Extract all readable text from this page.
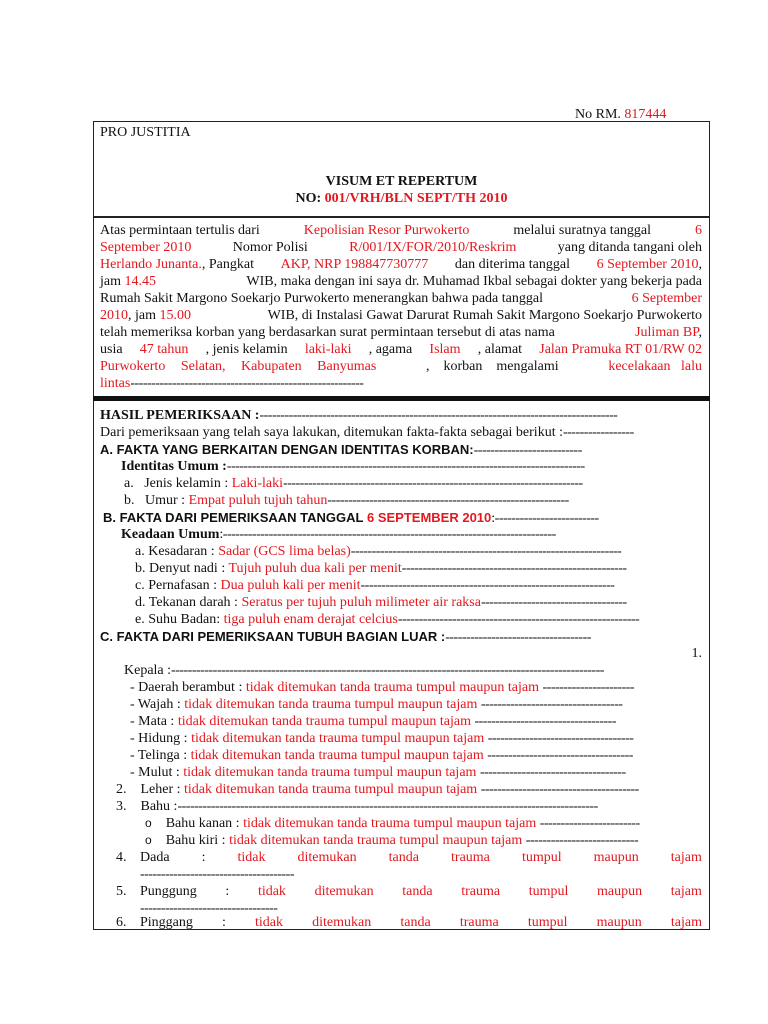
No RM. 817444
PRO JUSTITIA
VISUM ET REPERTUM
NO: 001/VRH/BLN SEPT/TH 2010
Atas permintaan tertulis dari	Kepolisian Resor Purwokerto	melalui suratnya tanggal	6
September 2010	Nomor Polisi	R/001/IX/FOR/2010/Reskrim	yang ditanda tangani oleh
Herlando Junanta., Pangkat AKP, NRP 198847730777 dan diterima tanggal 6 September 2010,
jam 14.45	WIB, maka dengan ini saya dr. Muhamad Ikbal sebagai dokter yang bekerja pada
Rumah Sakit Margono Soekarjo Purwokerto menerangkan bahwa pada tanggal	6 September
2010, jam 15.00	WIB, di Instalasi Gawat Darurat Rumah Sakit Margono Soekarjo Purwokerto
telah memeriksa korban yang berdasarkan surat permintaan tersebut di atas nama	Juliman BP,
usia 47 tahun , jenis kelamin laki-laki , agama Islam , alamat Jalan Pramuka RT 01/RW 02
Purwokerto Selatan, Kabupaten Banyumas	,    korban    mengalami	kecelakaan   lalu
lintas--------------------------------------------------------
HASIL PEMERIKSAAN :--------------------------------------------------------------------------------------
Dari pemeriksaan yang telah saya lakukan, ditemukan fakta-fakta sebagai berikut :-----------------
A. FAKTA YANG BERKAITAN DENGAN IDENTITAS KORBAN:--------------------------
Identitas Umum :--------------------------------------------------------------------------------------
a. Jenis kelamin : Laki-laki------------------------------------------------------------------------
b. Umur : Empat puluh tujuh tahun----------------------------------------------------------
B. FAKTA DARI PEMERIKSAAN TANGGAL 6 SEPTEMBER 2010:-------------------------
Keadaan Umum:--------------------------------------------------------------------------------
a. Kesadaran : Sadar (GCS lima belas)-----------------------------------------------------------------
b. Denyut nadi : Tujuh puluh dua kali per menit------------------------------------------------------
c. Pernafasan : Dua puluh kali per menit-------------------------------------------------------------
d. Tekanan darah : Seratus per tujuh puluh milimeter air raksa-----------------------------------
e. Suhu Badan: tiga puluh enam derajat celcius----------------------------------------------------------
C. FAKTA DARI PEMERIKSAAN TUBUH BAGIAN LUAR :-----------------------------------
1.
Kepala :--------------------------------------------------------------------------------------------------------
- Daerah berambut : tidak ditemukan tanda trauma tumpul maupun tajam ----------------------
- Wajah : tidak ditemukan tanda trauma tumpul maupun tajam ----------------------------------
- Mata : tidak ditemukan tanda trauma tumpul maupun tajam ----------------------------------
- Hidung : tidak ditemukan tanda trauma tumpul maupun tajam -----------------------------------
- Telinga : tidak ditemukan tanda trauma tumpul maupun tajam -----------------------------------
- Mulut : tidak ditemukan tanda trauma tumpul maupun tajam -----------------------------------
2. Leher : tidak ditemukan tanda trauma tumpul maupun tajam --------------------------------------
3. Bahu :-----------------------------------------------------------------------------------------------------
o Bahu kanan : tidak ditemukan tanda trauma tumpul maupun tajam ------------------------
o Bahu kiri : tidak ditemukan tanda trauma tumpul maupun tajam ---------------------------
4. Dada : tidak ditemukan tanda trauma tumpul maupun tajam
-------------------------------------
5. Punggung : tidak ditemukan tanda trauma tumpul maupun tajam
---------------------------------
6. Pinggang : tidak ditemukan tanda trauma tumpul maupun tajam
